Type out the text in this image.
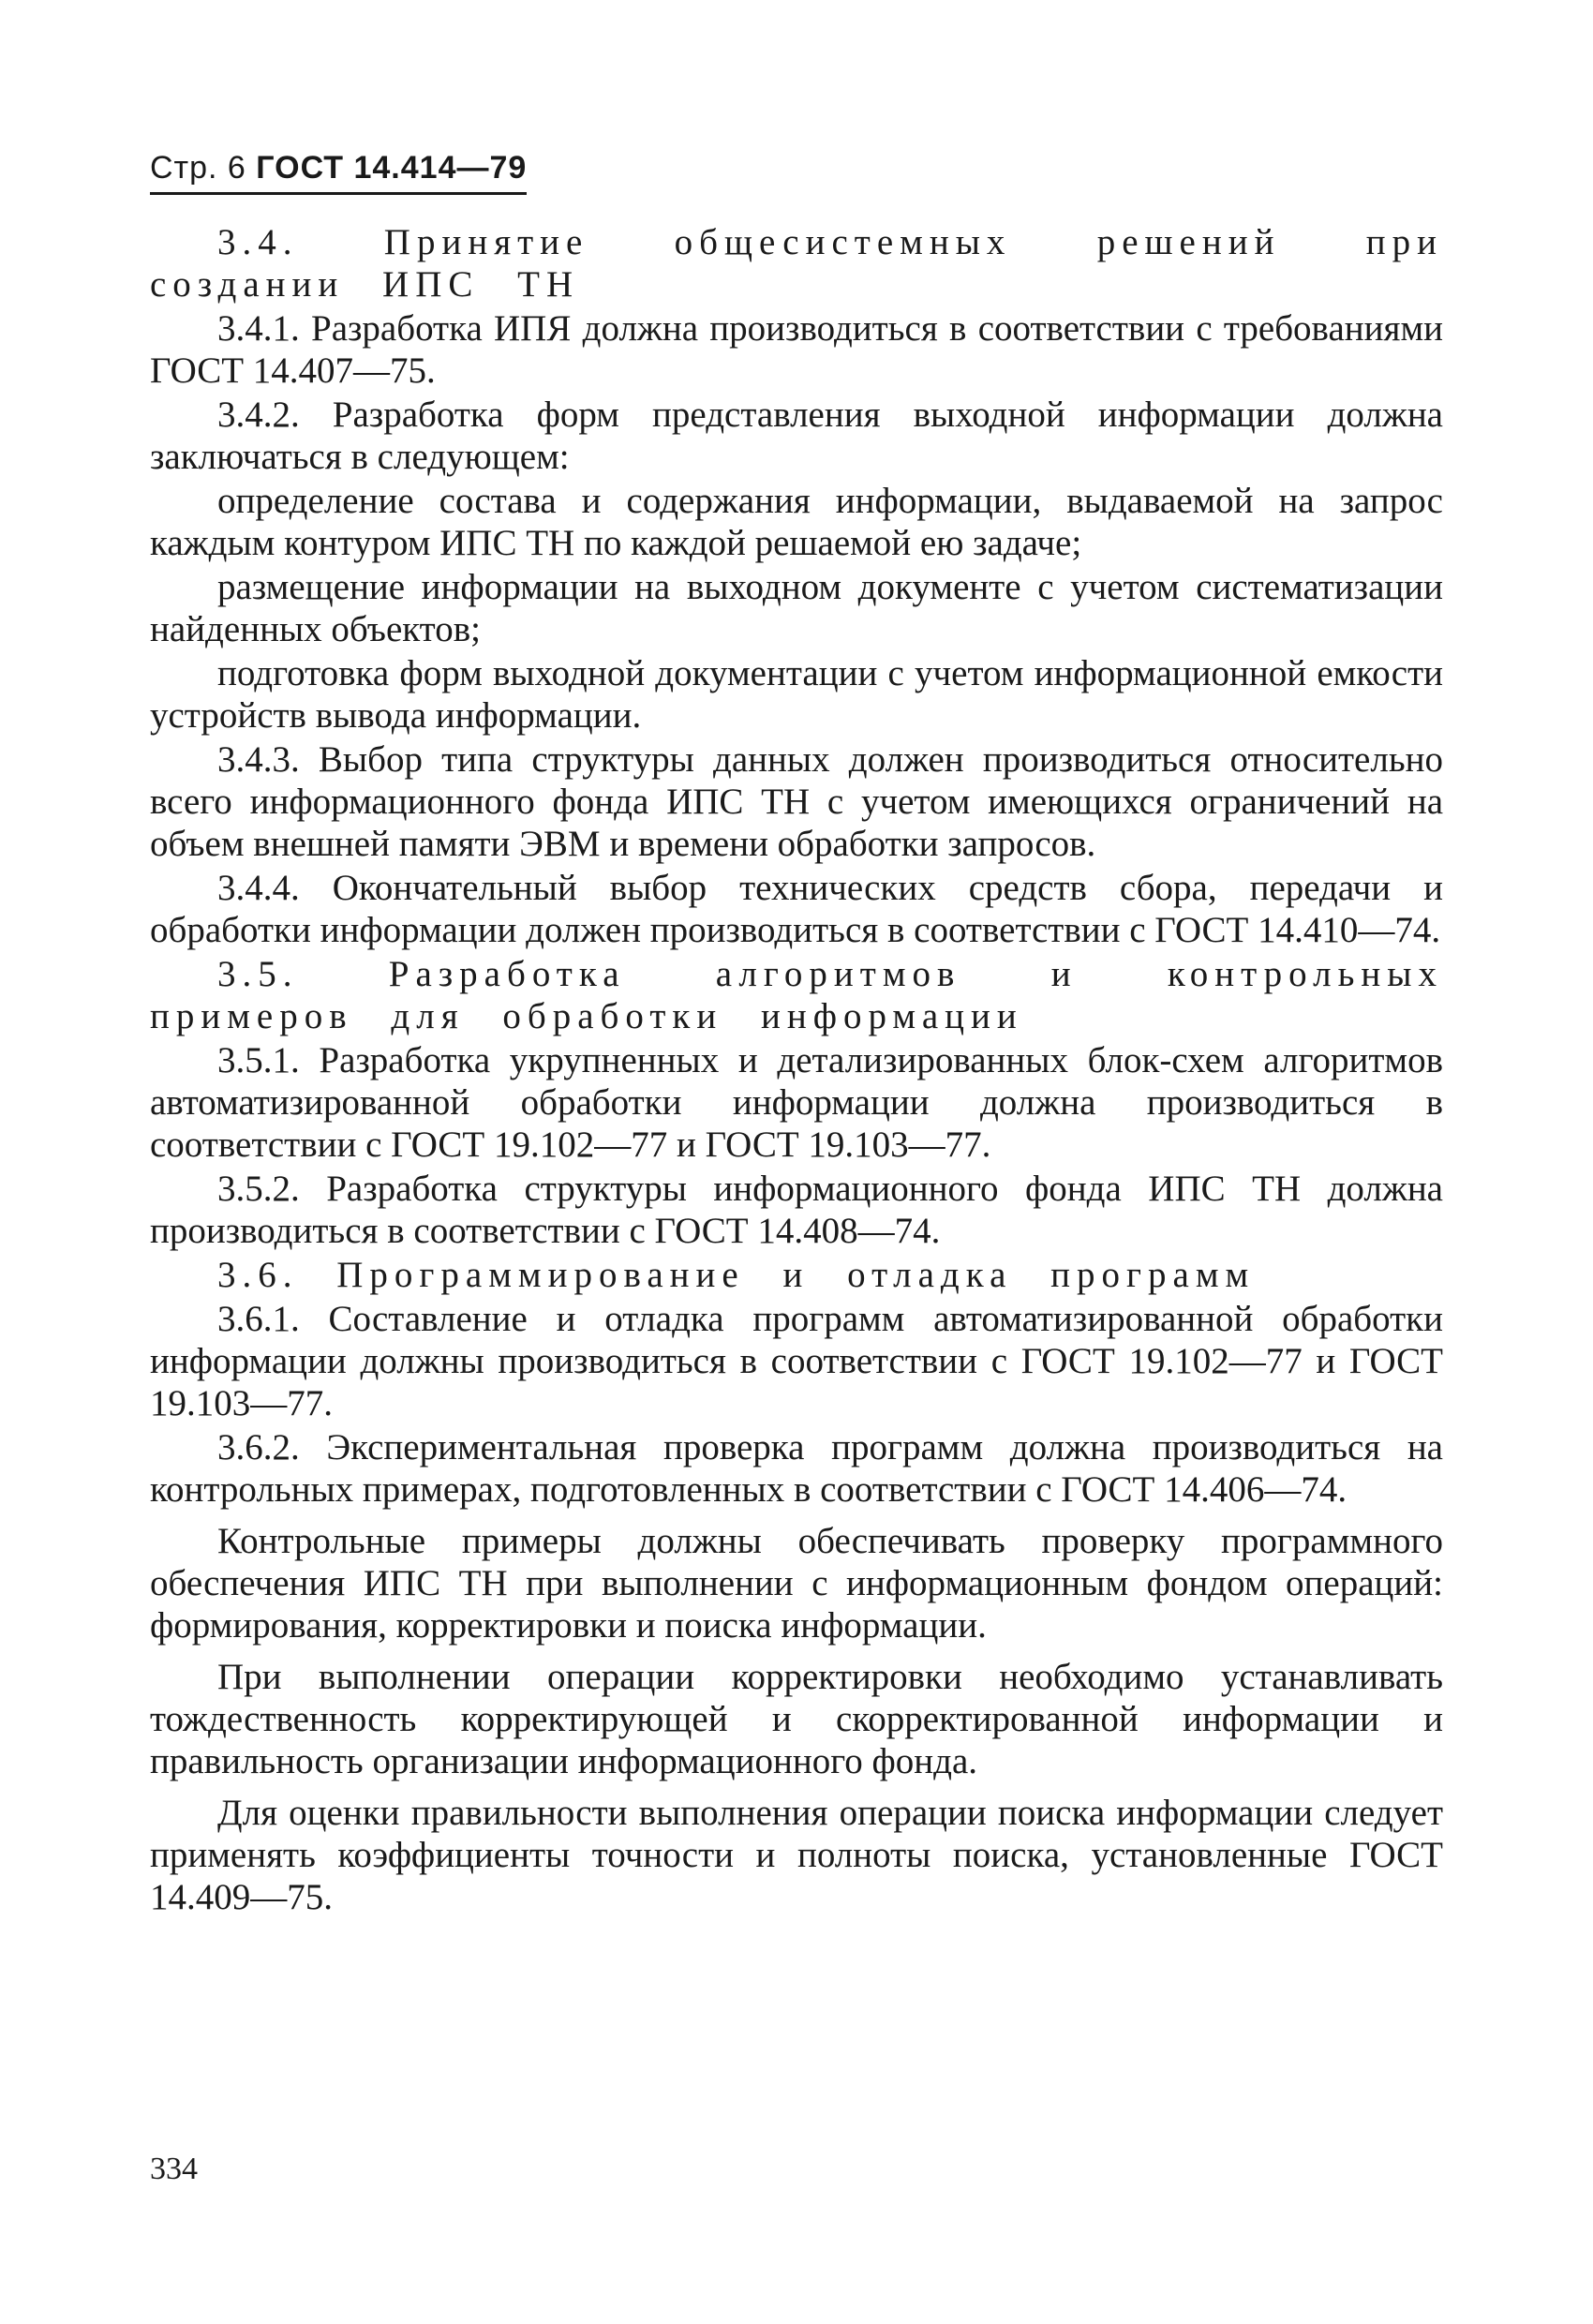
Стр. 6 ГОСТ 14.414—79
3.4. Принятие общесистемных решений при создании ИПС ТН

3.4.1. Разработка ИПЯ должна производиться в соответствии с требованиями ГОСТ 14.407—75.

3.4.2. Разработка форм представления выходной информации должна заключаться в следующем:

определение состава и содержания информации, выдаваемой на запрос каждым контуром ИПС ТН по каждой решаемой ею задаче;

размещение информации на выходном документе с учетом систематизации найденных объектов;

подготовка форм выходной документации с учетом информационной емкости устройств вывода информации.

3.4.3. Выбор типа структуры данных должен производиться относительно всего информационного фонда ИПС ТН с учетом имеющихся ограничений на объем внешней памяти ЭВМ и времени обработки запросов.

3.4.4. Окончательный выбор технических средств сбора, передачи и обработки информации должен производиться в соответствии с ГОСТ 14.410—74.

3.5. Разработка алгоритмов и контрольных примеров для обработки информации

3.5.1. Разработка укрупненных и детализированных блок-схем алгоритмов автоматизированной обработки информации должна производиться в соответствии с ГОСТ 19.102—77 и ГОСТ 19.103—77.

3.5.2. Разработка структуры информационного фонда ИПС ТН должна производиться в соответствии с ГОСТ 14.408—74.

3.6. Программирование и отладка программ

3.6.1. Составление и отладка программ автоматизированной обработки информации должны производиться в соответствии с ГОСТ 19.102—77 и ГОСТ 19.103—77.

3.6.2. Экспериментальная проверка программ должна производиться на контрольных примерах, подготовленных в соответствии с ГОСТ 14.406—74.

Контрольные примеры должны обеспечивать проверку программного обеспечения ИПС ТН при выполнении с информационным фондом операций: формирования, корректировки и поиска информации.

При выполнении операции корректировки необходимо устанавливать тождественность корректирующей и скорректированной информации и правильность организации информационного фонда.

Для оценки правильности выполнения операции поиска информации следует применять коэффициенты точности и полноты поиска, установленные ГОСТ 14.409—75.

334
